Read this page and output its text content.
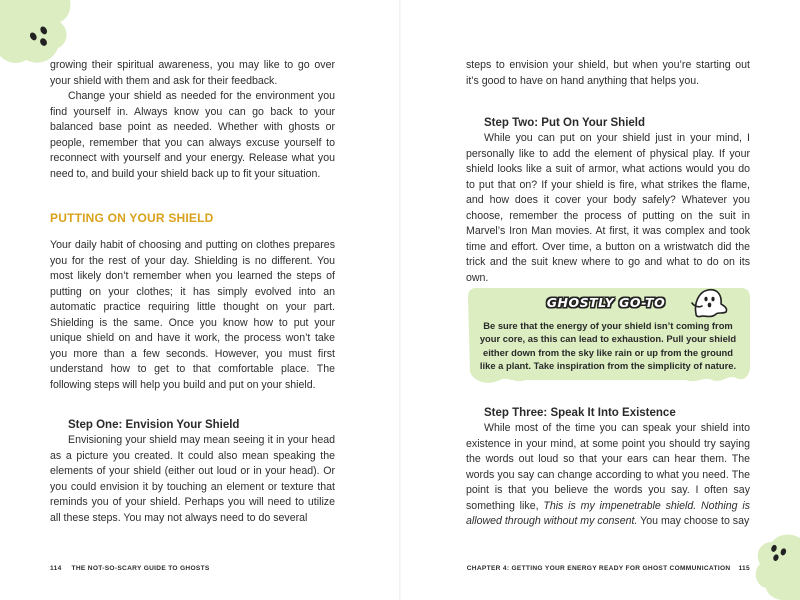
growing their spiritual awareness, you may like to go over your shield with them and ask for their feedback.

Change your shield as needed for the environment you find yourself in. Always know you can go back to your balanced base point as needed. Whether with ghosts or people, remember that you can always excuse yourself to reconnect with yourself and your energy. Release what you need to, and build your shield back up to fit your situation.

PUTTING ON YOUR SHIELD

Your daily habit of choosing and putting on clothes prepares you for the rest of your day. Shielding is no different. You most likely don’t remember when you learned the steps of putting on your clothes; it has simply evolved into an automatic practice requiring little thought on your part. Shielding is the same. Once you know how to put your unique shield on and have it work, the process won’t take you more than a few seconds. However, you must first understand how to get to that comfortable place. The following steps will help you build and put on your shield.

Step One: Envision Your Shield

Envisioning your shield may mean seeing it in your head as a picture you created. It could also mean speaking the elements of your shield (either out loud or in your head). Or you could envision it by touching an element or texture that reminds you of your shield. Perhaps you will need to utilize all these steps. You may not always need to do several

114 THE NOT-SO-SCARY GUIDE TO GHOSTS

steps to envision your shield, but when you’re starting out it’s good to have on hand anything that helps you.

Step Two: Put On Your Shield

While you can put on your shield just in your mind, I personally like to add the element of physical play. If your shield looks like a suit of armor, what actions would you do to put that on? If your shield is fire, what strikes the flame, and how does it cover your body safely? Whatever you choose, remember the process of putting on the suit in Marvel’s Iron Man movies. At first, it was complex and took time and effort. Over time, a button on a wristwatch did the trick and the suit knew where to go and what to do on its own.

GHOSTLY GO-TO
Be sure that the energy of your shield isn’t coming from your core, as this can lead to exhaustion. Pull your shield either down from the sky like rain or up from the ground like a plant. Take inspiration from the simplicity of nature.
Step Three: Speak It Into Existence

While most of the time you can speak your shield into existence in your mind, at some point you should try saying the words out loud so that your ears can hear them. The words you say can change according to what you need. The point is that you believe the words you say. I often say something like, This is my impenetrable shield. Nothing is allowed through without my consent. You may choose to say

CHAPTER 4: GETTING YOUR ENERGY READY FOR GHOST COMMUNICATION 115
